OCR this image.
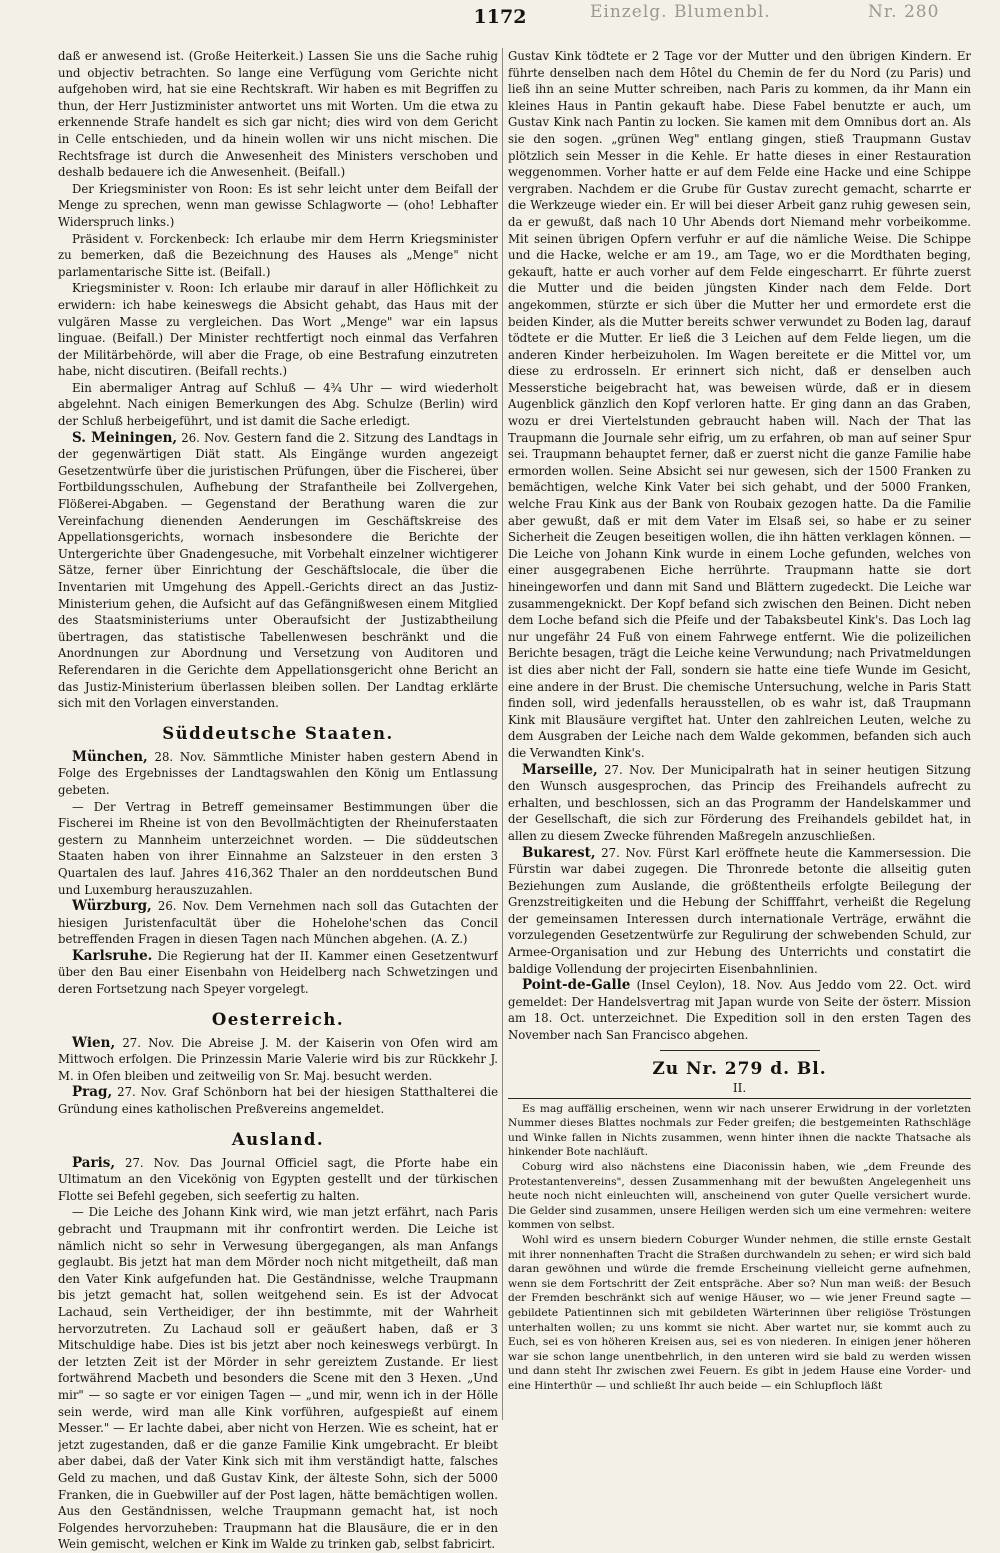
1172	Einzelg. Blumenbl.	Nr. 280

daß er anwesend ist. (Große Heiterkeit.) Lassen Sie uns die Sache ruhig und objectiv betrachten. So lange eine Verfügung vom Gerichte nicht aufgehoben wird, hat sie eine Rechtskraft. Wir haben es mit Begriffen zu thun, der Herr Justizminister antwortet uns mit Worten. Um die etwa zu erkennende Strafe handelt es sich gar nicht; dies wird von dem Gericht in Celle entschieden, und da hinein wollen wir uns nicht mischen. Die Rechtsfrage ist durch die Anwesenheit des Ministers verschoben und deshalb bedauere ich die Anwesenheit. (Beifall.)

Der Kriegsminister von Roon: Es ist sehr leicht unter dem Beifall der Menge zu sprechen, wenn man gewisse Schlagworte — (oho! Lebhafter Widerspruch links.)

Präsident v. Forckenbeck: Ich erlaube mir dem Herrn Kriegsminister zu bemerken, daß die Bezeichnung des Hauses als „Menge" nicht parlamentarische Sitte ist. (Beifall.)

Kriegsminister v. Roon: Ich erlaube mir darauf in aller Höflichkeit zu erwidern: ich habe keineswegs die Absicht gehabt, das Haus mit der vulgären Masse zu vergleichen. Das Wort „Menge" war ein lapsus linguae. (Beifall.) Der Minister rechtfertigt noch einmal das Verfahren der Militärbehörde, will aber die Frage, ob eine Bestrafung einzutreten habe, nicht discutiren. (Beifall rechts.)

Ein abermaliger Antrag auf Schluß — 4¾ Uhr — wird wiederholt abgelehnt. Nach einigen Bemerkungen des Abg. Schulze (Berlin) wird der Schluß herbeigeführt, und ist damit die Sache erledigt.

S. Meiningen, 26. Nov. Gestern fand die 2. Sitzung des Landtags in der gegenwärtigen Diät statt. Als Eingänge wurden angezeigt Gesetzentwürfe über die juristischen Prüfungen, über die Fischerei, über Fortbildungsschulen, Aufhebung der Strafantheile bei Zollvergehen, Flößerei-Abgaben. — Gegenstand der Berathung waren die zur Vereinfachung dienenden Aenderungen im Geschäftskreise des Appellationsgerichts, wornach insbesondere die Berichte der Untergerichte über Gnadengesuche, mit Vorbehalt einzelner wichtigerer Sätze, ferner über Einrichtung der Geschäftslocale, die über die Inventarien mit Umgehung des Appell.-Gerichts direct an das Justiz-Ministerium gehen, die Aufsicht auf das Gefängnißwesen einem Mitglied des Staatsministeriums unter Oberaufsicht der Justizabtheilung übertragen, das statistische Tabellenwesen beschränkt und die Anordnungen zur Abordnung und Versetzung von Auditoren und Referendaren in die Gerichte dem Appellationsgericht ohne Bericht an das Justiz-Ministerium überlassen bleiben sollen. Der Landtag erklärte sich mit den Vorlagen einverstanden.

Süddeutsche Staaten.

München, 28. Nov. Sämmtliche Minister haben gestern Abend in Folge des Ergebnisses der Landtagswahlen den König um Entlassung gebeten.

— Der Vertrag in Betreff gemeinsamer Bestimmungen über die Fischerei im Rheine ist von den Bevollmächtigten der Rheinuferstaaten gestern zu Mannheim unterzeichnet worden. — Die süddeutschen Staaten haben von ihrer Einnahme an Salzsteuer in den ersten 3 Quartalen des lauf. Jahres 416,362 Thaler an den norddeutschen Bund und Luxemburg herauszuzahlen.

Würzburg, 26. Nov. Dem Vernehmen nach soll das Gutachten der hiesigen Juristenfacultät über die Hohelohe'schen das Concil betreffenden Fragen in diesen Tagen nach München abgehen. (A. Z.)

Karlsruhe. Die Regierung hat der II. Kammer einen Gesetzentwurf über den Bau einer Eisenbahn von Heidelberg nach Schwetzingen und deren Fortsetzung nach Speyer vorgelegt.

Oesterreich.

Wien, 27. Nov. Die Abreise J. M. der Kaiserin von Ofen wird am Mittwoch erfolgen. Die Prinzessin Marie Valerie wird bis zur Rückkehr J. M. in Ofen bleiben und zeitweilig von Sr. Maj. besucht werden.

Prag, 27. Nov. Graf Schönborn hat bei der hiesigen Statthalterei die Gründung eines katholischen Preßvereins angemeldet.

Ausland.

Paris, 27. Nov. Das Journal Officiel sagt, die Pforte habe ein Ultimatum an den Vicekönig von Egypten gestellt und der türkischen Flotte sei Befehl gegeben, sich seefertig zu halten.

— Die Leiche des Johann Kink wird, wie man jetzt erfährt, nach Paris gebracht und Traupmann mit ihr confrontirt werden. Die Leiche ist nämlich nicht so sehr in Verwesung übergegangen, als man Anfangs geglaubt. Bis jetzt hat man dem Mörder noch nicht mitgetheilt, daß man den Vater Kink aufgefunden hat. Die Geständnisse, welche Traupmann bis jetzt gemacht hat, sollen weitgehend sein. Es ist der Advocat Lachaud, sein Vertheidiger, der ihn bestimmte, mit der Wahrheit hervorzutreten. Zu Lachaud soll er geäußert haben, daß er 3 Mitschuldige habe. Dies ist bis jetzt aber noch keineswegs verbürgt. In der letzten Zeit ist der Mörder in sehr gereiztem Zustande. Er liest fortwährend Macbeth und besonders die Scene mit den 3 Hexen. „Und mir" — so sagte er vor einigen Tagen — „und mir, wenn ich in der Hölle sein werde, wird man alle Kink vorführen, aufgespießt auf einem Messer." — Er lachte dabei, aber nicht von Herzen. Wie es scheint, hat er jetzt zugestanden, daß er die ganze Familie Kink umgebracht. Er bleibt aber dabei, daß der Vater Kink sich mit ihm verständigt hatte, falsches Geld zu machen, und daß Gustav Kink, der älteste Sohn, sich der 5000 Franken, die in Guebwiller auf der Post lagen, hätte bemächtigen wollen. Aus den Geständnissen, welche Traupmann gemacht hat, ist noch Folgendes hervorzuheben: Traupmann hat die Blausäure, die er in den Wein gemischt, welchen er Kink im Walde zu trinken gab, selbst fabricirt.

Gustav Kink tödtete er 2 Tage vor der Mutter und den übrigen Kindern. Er führte denselben nach dem Hôtel du Chemin de fer du Nord (zu Paris) und ließ ihn an seine Mutter schreiben, nach Paris zu kommen, da ihr Mann ein kleines Haus in Pantin gekauft habe. Diese Fabel benutzte er auch, um Gustav Kink nach Pantin zu locken. Sie kamen mit dem Omnibus dort an. Als sie den sogen. „grünen Weg" entlang gingen, stieß Traupmann Gustav plötzlich sein Messer in die Kehle. Er hatte dieses in einer Restauration weggenommen. Vorher hatte er auf dem Felde eine Hacke und eine Schippe vergraben. Nachdem er die Grube für Gustav zurecht gemacht, scharrte er die Werkzeuge wieder ein. Er will bei dieser Arbeit ganz ruhig gewesen sein, da er gewußt, daß nach 10 Uhr Abends dort Niemand mehr vorbeikomme. Mit seinen übrigen Opfern verfuhr er auf die nämliche Weise. Die Schippe und die Hacke, welche er am 19., am Tage, wo er die Mordthaten beging, gekauft, hatte er auch vorher auf dem Felde eingescharrt. Er führte zuerst die Mutter und die beiden jüngsten Kinder nach dem Felde. Dort angekommen, stürzte er sich über die Mutter her und ermordete erst die beiden Kinder, als die Mutter bereits schwer verwundet zu Boden lag, darauf tödtete er die Mutter. Er ließ die 3 Leichen auf dem Felde liegen, um die anderen Kinder herbeizuholen. Im Wagen bereitete er die Mittel vor, um diese zu erdrosseln. Er erinnert sich nicht, daß er denselben auch Messerstiche beigebracht hat, was beweisen würde, daß er in diesem Augenblick gänzlich den Kopf verloren hatte. Er ging dann an das Graben, wozu er drei Viertelstunden gebraucht haben will. Nach der That las Traupmann die Journale sehr eifrig, um zu erfahren, ob man auf seiner Spur sei. Traupmann behauptet ferner, daß er zuerst nicht die ganze Familie habe ermorden wollen. Seine Absicht sei nur gewesen, sich der 1500 Franken zu bemächtigen, welche Kink Vater bei sich gehabt, und der 5000 Franken, welche Frau Kink aus der Bank von Roubaix gezogen hatte. Da die Familie aber gewußt, daß er mit dem Vater im Elsaß sei, so habe er zu seiner Sicherheit die Zeugen beseitigen wollen, die ihn hätten verklagen können. — Die Leiche von Johann Kink wurde in einem Loche gefunden, welches von einer ausgegrabenen Eiche herrührte. Traupmann hatte sie dort hineingeworfen und dann mit Sand und Blättern zugedeckt. Die Leiche war zusammengeknickt. Der Kopf befand sich zwischen den Beinen. Dicht neben dem Loche befand sich die Pfeife und der Tabaksbeutel Kink's. Das Loch lag nur ungefähr 24 Fuß von einem Fahrwege entfernt. Wie die polizeilichen Berichte besagen, trägt die Leiche keine Verwundung; nach Privatmeldungen ist dies aber nicht der Fall, sondern sie hatte eine tiefe Wunde im Gesicht, eine andere in der Brust. Die chemische Untersuchung, welche in Paris Statt finden soll, wird jedenfalls herausstellen, ob es wahr ist, daß Traupmann Kink mit Blausäure vergiftet hat. Unter den zahlreichen Leuten, welche zu dem Ausgraben der Leiche nach dem Walde gekommen, befanden sich auch die Verwandten Kink's.

Marseille, 27. Nov. Der Municipalrath hat in seiner heutigen Sitzung den Wunsch ausgesprochen, das Princip des Freihandels aufrecht zu erhalten, und beschlossen, sich an das Programm der Handelskammer und der Gesellschaft, die sich zur Förderung des Freihandels gebildet hat, in allen zu diesem Zwecke führenden Maßregeln anzuschließen.

Bukarest, 27. Nov. Fürst Karl eröffnete heute die Kammersession. Die Fürstin war dabei zugegen. Die Thronrede betonte die allseitig guten Beziehungen zum Auslande, die größtentheils erfolgte Beilegung der Grenzstreitigkeiten und die Hebung der Schifffahrt, verheißt die Regelung der gemeinsamen Interessen durch internationale Verträge, erwähnt die vorzulegenden Gesetzentwürfe zur Regulirung der schwebenden Schuld, zur Armee-Organisation und zur Hebung des Unterrichts und constatirt die baldige Vollendung der projecirten Eisenbahnlinien.

Point-de-Galle (Insel Ceylon), 18. Nov. Aus Jeddo vom 22. Oct. wird gemeldet: Der Handelsvertrag mit Japan wurde von Seite der österr. Mission am 18. Oct. unterzeichnet. Die Expedition soll in den ersten Tagen des November nach San Francisco abgehen.

Zu Nr. 279 d. Bl.
II.

Es mag auffällig erscheinen, wenn wir nach unserer Erwidrung in der vorletzten Nummer dieses Blattes nochmals zur Feder greifen; die bestgemeinten Rathschläge und Winke fallen in Nichts zusammen, wenn hinter ihnen die nackte Thatsache als hinkender Bote nachläuft.

Coburg wird also nächstens eine Diaconissin haben, wie „dem Freunde des Protestantenvereins", dessen Zusammenhang mit der bewußten Angelegenheit uns heute noch nicht einleuchten will, anscheinend von guter Quelle versichert wurde. Die Gelder sind zusammen, unsere Heiligen werden sich um eine vermehren: weitere kommen von selbst.

Wohl wird es unsern biedern Coburger Wunder nehmen, die stille ernste Gestalt mit ihrer nonnenhaften Tracht die Straßen durchwandeln zu sehen; er wird sich bald daran gewöhnen und würde die fremde Erscheinung vielleicht gerne aufnehmen, wenn sie dem Fortschritt der Zeit entspräche. Aber so? Nun man weiß: der Besuch der Fremden beschränkt sich auf wenige Häuser, wo — wie jener Freund sagte — gebildete Patientinnen sich mit gebildeten Wärterinnen über religiöse Tröstungen unterhalten wollen; zu uns kommt sie nicht. Aber wartet nur, sie kommt auch zu Euch, sei es von höheren Kreisen aus, sei es von niederen. In einigen jener höheren war sie schon lange unentbehrlich, in den unteren wird sie bald zu werden wissen und dann steht Ihr zwischen zwei Feuern. Es gibt in jedem Hause eine Vorder- und eine Hinterthür — und schließt Ihr auch beide — ein Schlupfloch läßt
